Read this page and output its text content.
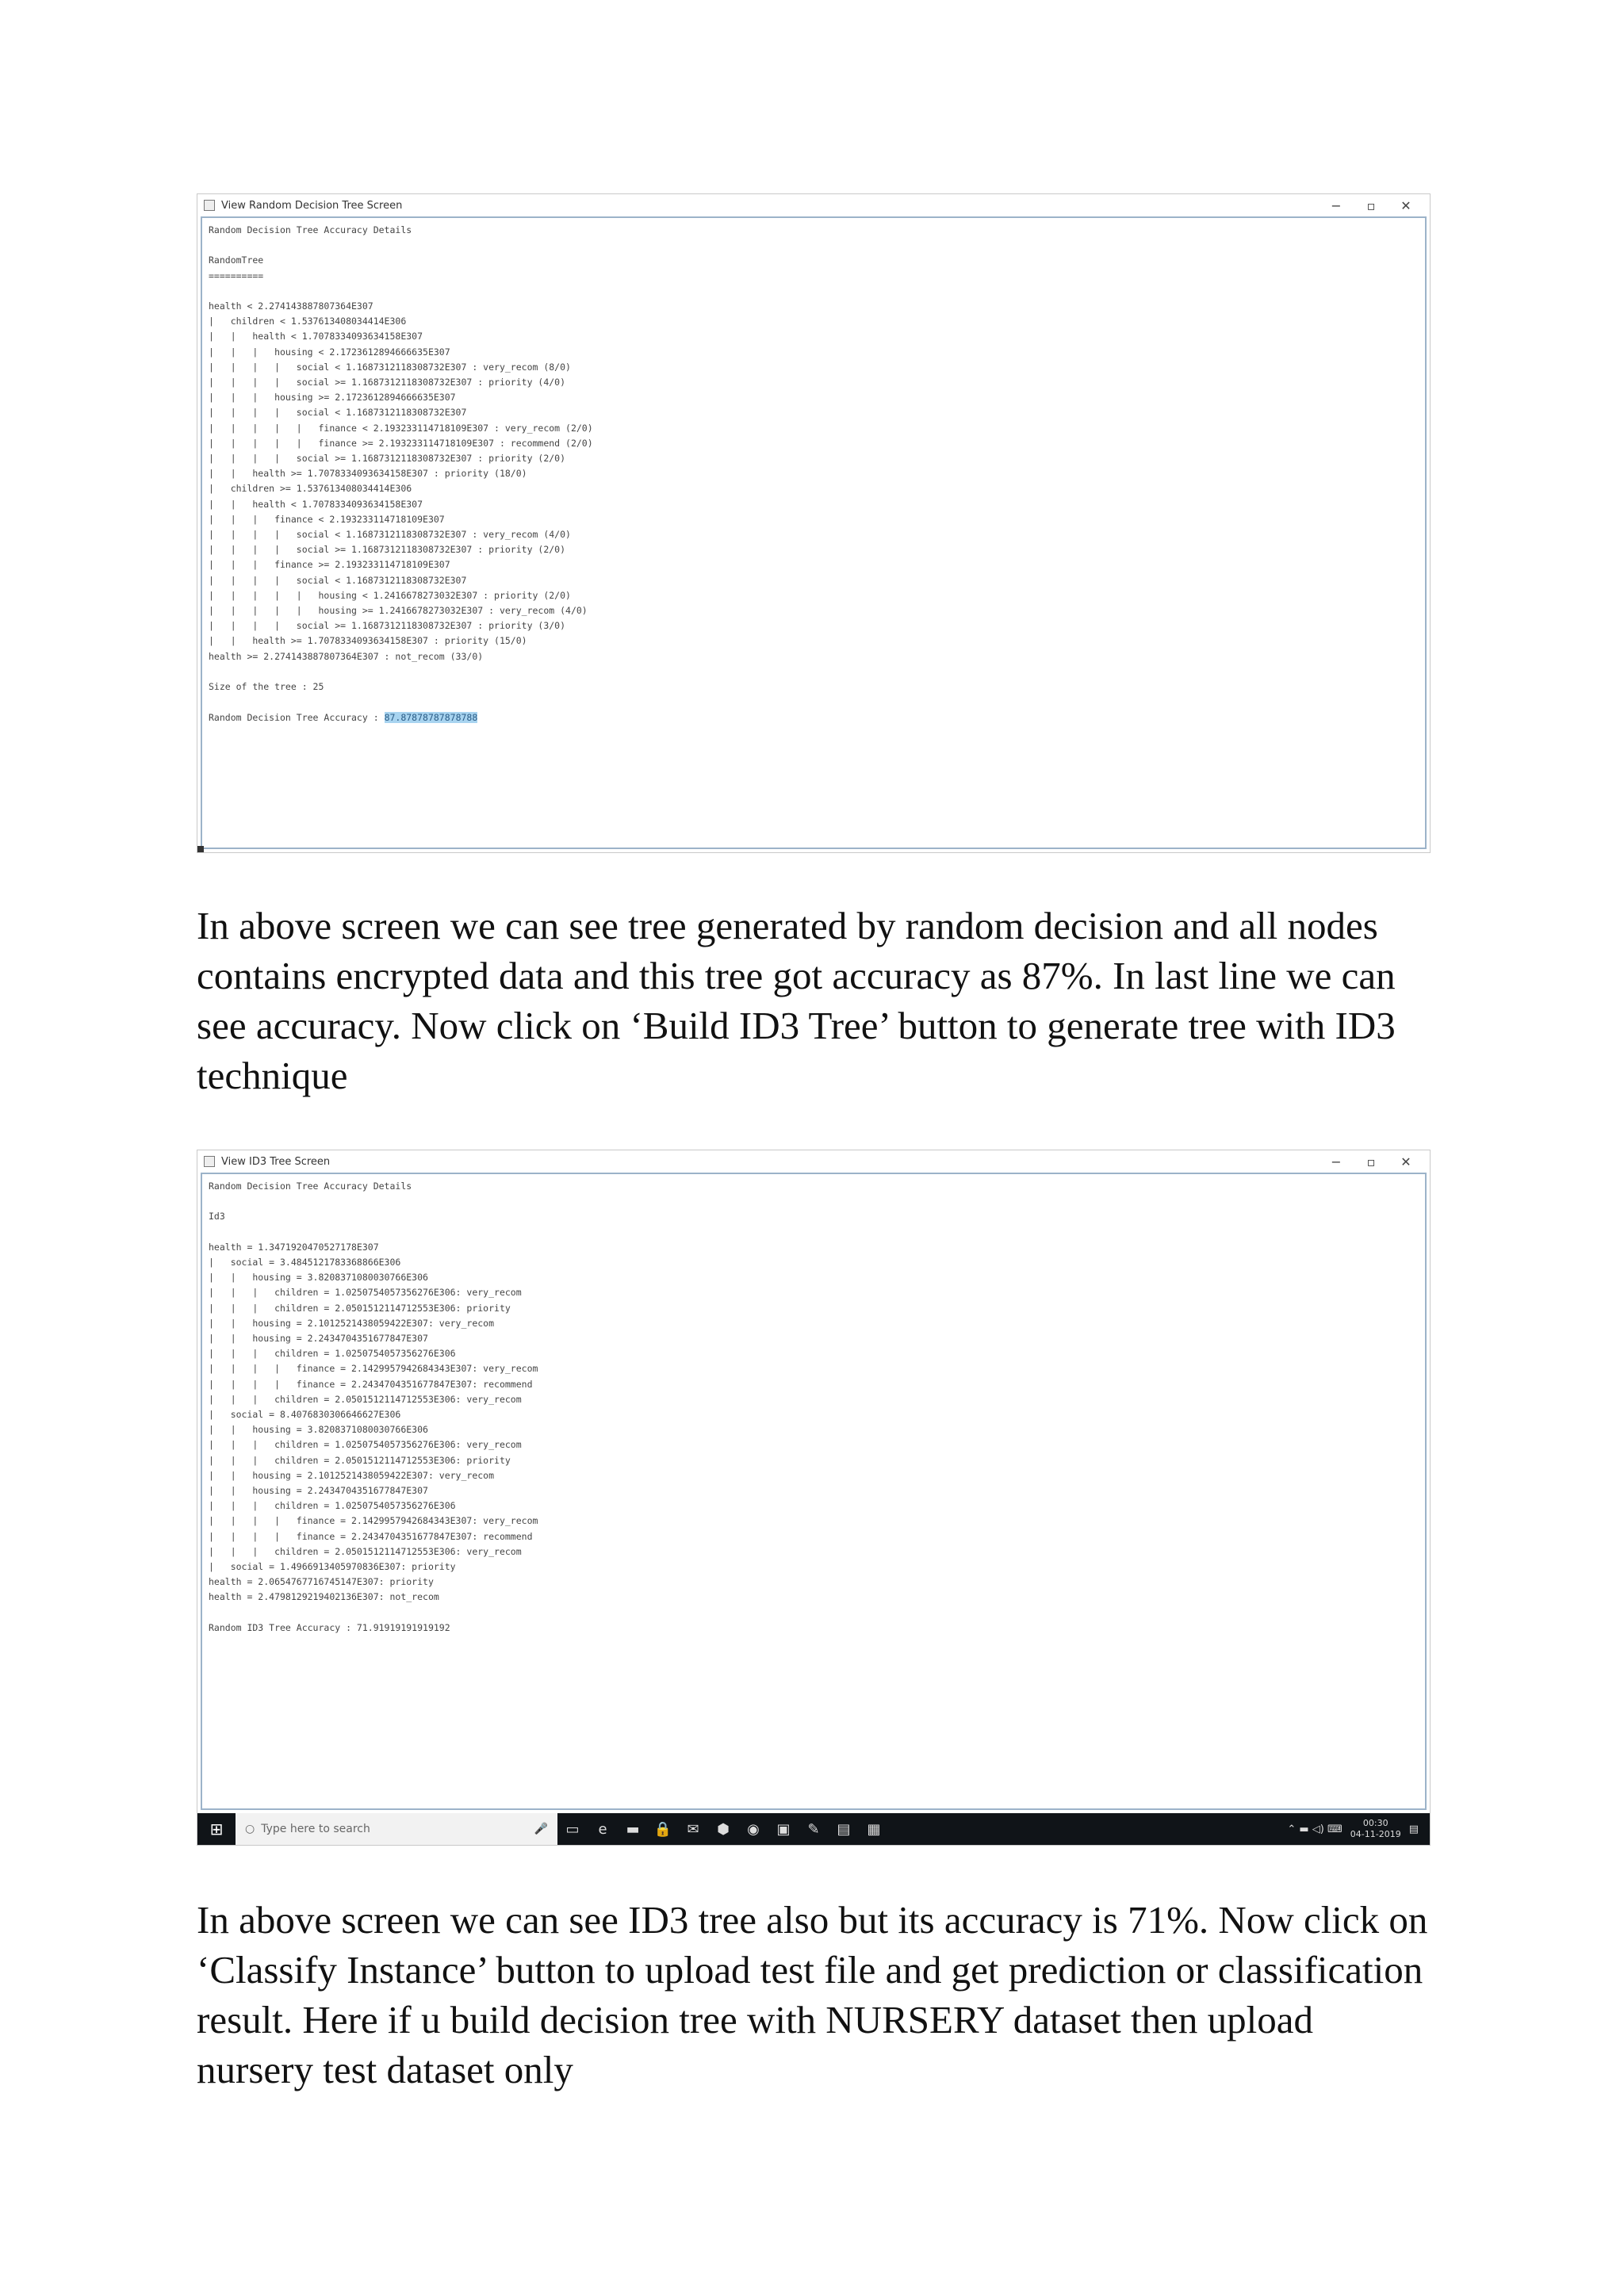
View Random Decision Tree Screen	−	▫	✕
Random Decision Tree Accuracy Details

RandomTree
==========

health < 2.274143887807364E307
|   children < 1.537613408034414E306
|   |   health < 1.7078334093634158E307
|   |   |   housing < 2.1723612894666635E307
|   |   |   |   social < 1.1687312118308732E307 : very_recom (8/0)
|   |   |   |   social >= 1.1687312118308732E307 : priority (4/0)
|   |   |   housing >= 2.1723612894666635E307
|   |   |   |   social < 1.1687312118308732E307
|   |   |   |   |   finance < 2.193233114718109E307 : very_recom (2/0)
|   |   |   |   |   finance >= 2.193233114718109E307 : recommend (2/0)
|   |   |   |   social >= 1.1687312118308732E307 : priority (2/0)
|   |   health >= 1.7078334093634158E307 : priority (18/0)
|   children >= 1.537613408034414E306
|   |   health < 1.7078334093634158E307
|   |   |   finance < 2.193233114718109E307
|   |   |   |   social < 1.1687312118308732E307 : very_recom (4/0)
|   |   |   |   social >= 1.1687312118308732E307 : priority (2/0)
|   |   |   finance >= 2.193233114718109E307
|   |   |   |   social < 1.1687312118308732E307
|   |   |   |   |   housing < 1.2416678273032E307 : priority (2/0)
|   |   |   |   |   housing >= 1.2416678273032E307 : very_recom (4/0)
|   |   |   |   social >= 1.1687312118308732E307 : priority (3/0)
|   |   health >= 1.7078334093634158E307 : priority (15/0)
health >= 2.274143887807364E307 : not_recom (33/0)

Size of the tree : 25

Random Decision Tree Accuracy : 87.87878787878788

In above screen we can see tree generated by random decision and all nodes contains encrypted data and this tree got accuracy as 87%. In last line we can see accuracy. Now click on ‘Build ID3 Tree’ button to generate tree with ID3 technique

View ID3 Tree Screen	−	▫	✕
Random Decision Tree Accuracy Details

Id3

health = 1.3471920470527178E307
|   social = 3.4845121783368866E306
|   |   housing = 3.8208371080030766E306
|   |   |   children = 1.0250754057356276E306: very_recom
|   |   |   children = 2.0501512114712553E306: priority
|   |   housing = 2.1012521438059422E307: very_recom
|   |   housing = 2.2434704351677847E307
|   |   |   children = 1.0250754057356276E306
|   |   |   |   finance = 2.1429957942684343E307: very_recom
|   |   |   |   finance = 2.2434704351677847E307: recommend
|   |   |   children = 2.0501512114712553E306: very_recom
|   social = 8.4076830306646627E306
|   |   housing = 3.8208371080030766E306
|   |   |   children = 1.0250754057356276E306: very_recom
|   |   |   children = 2.0501512114712553E306: priority
|   |   housing = 2.1012521438059422E307: very_recom
|   |   housing = 2.2434704351677847E307
|   |   |   children = 1.0250754057356276E306
|   |   |   |   finance = 2.1429957942684343E307: very_recom
|   |   |   |   finance = 2.2434704351677847E307: recommend
|   |   |   children = 2.0501512114712553E306: very_recom
|   social = 1.4966913405970836E307: priority
health = 2.0654767716745147E307: priority
health = 2.4798129219402136E307: not_recom

Random ID3 Tree Accuracy : 71.91919191919192
⊞	○ Type here to search	🎤	▭	e	▬	🔒	✉	⬢	◉	▣	✎	▤	▦	⌃ ▬ ◁) ⌨	00:30
04-11-2019 ▤

In above screen we can see ID3 tree also but its accuracy is 71%. Now click on ‘Classify Instance’ button to upload test file and get prediction or classification result. Here if u build decision tree with NURSERY dataset then upload nursery test dataset only
